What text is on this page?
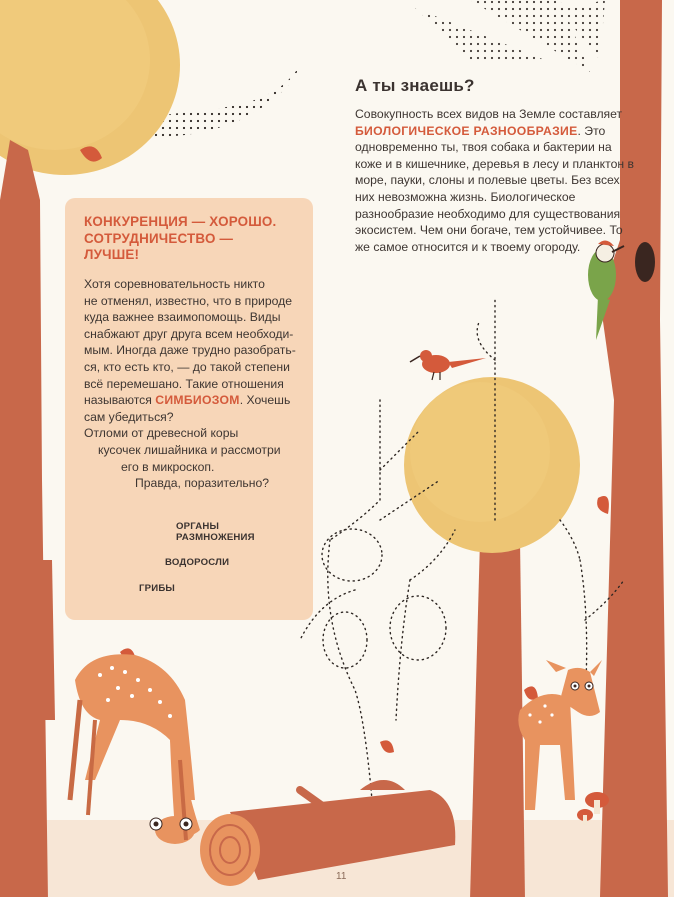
А ты знаешь?

Совокупность всех видов на Земле составляет БИОЛОГИЧЕСКОЕ РАЗНООБРАЗИЕ. Это одновременно ты, твоя собака и бактерии на коже и в кишечнике, деревья в лесу и планктон в море, пауки, слоны и полевые цветы. Без всех них невозможна жизнь. Биологическое разнообразие необходимо для существования экосистем. Чем они богаче, тем устойчивее. То же самое относится и к твоему огороду.

КОНКУРЕНЦИЯ — ХОРОШО.
СОТРУДНИЧЕСТВО —
ЛУЧШЕ!
Хотя соревновательность никто
не отменял, известно, что в природе
куда важнее взаимопомощь. Виды
снабжают друг друга всем необходи-
мым. Иногда даже трудно разобрать-
ся, кто есть кто, — до такой степени
всё перемешано. Такие отношения
называются СИМБИОЗОМ. Хочешь
сам убедиться?
Отломи от древесной коры
кусочек лишайника и рассмотри
его в микроскоп.
Правда, поразительно?
ОРГАНЫ
РАЗМНОЖЕНИЯ
ВОДОРОСЛИ
ГРИБЫ
11
